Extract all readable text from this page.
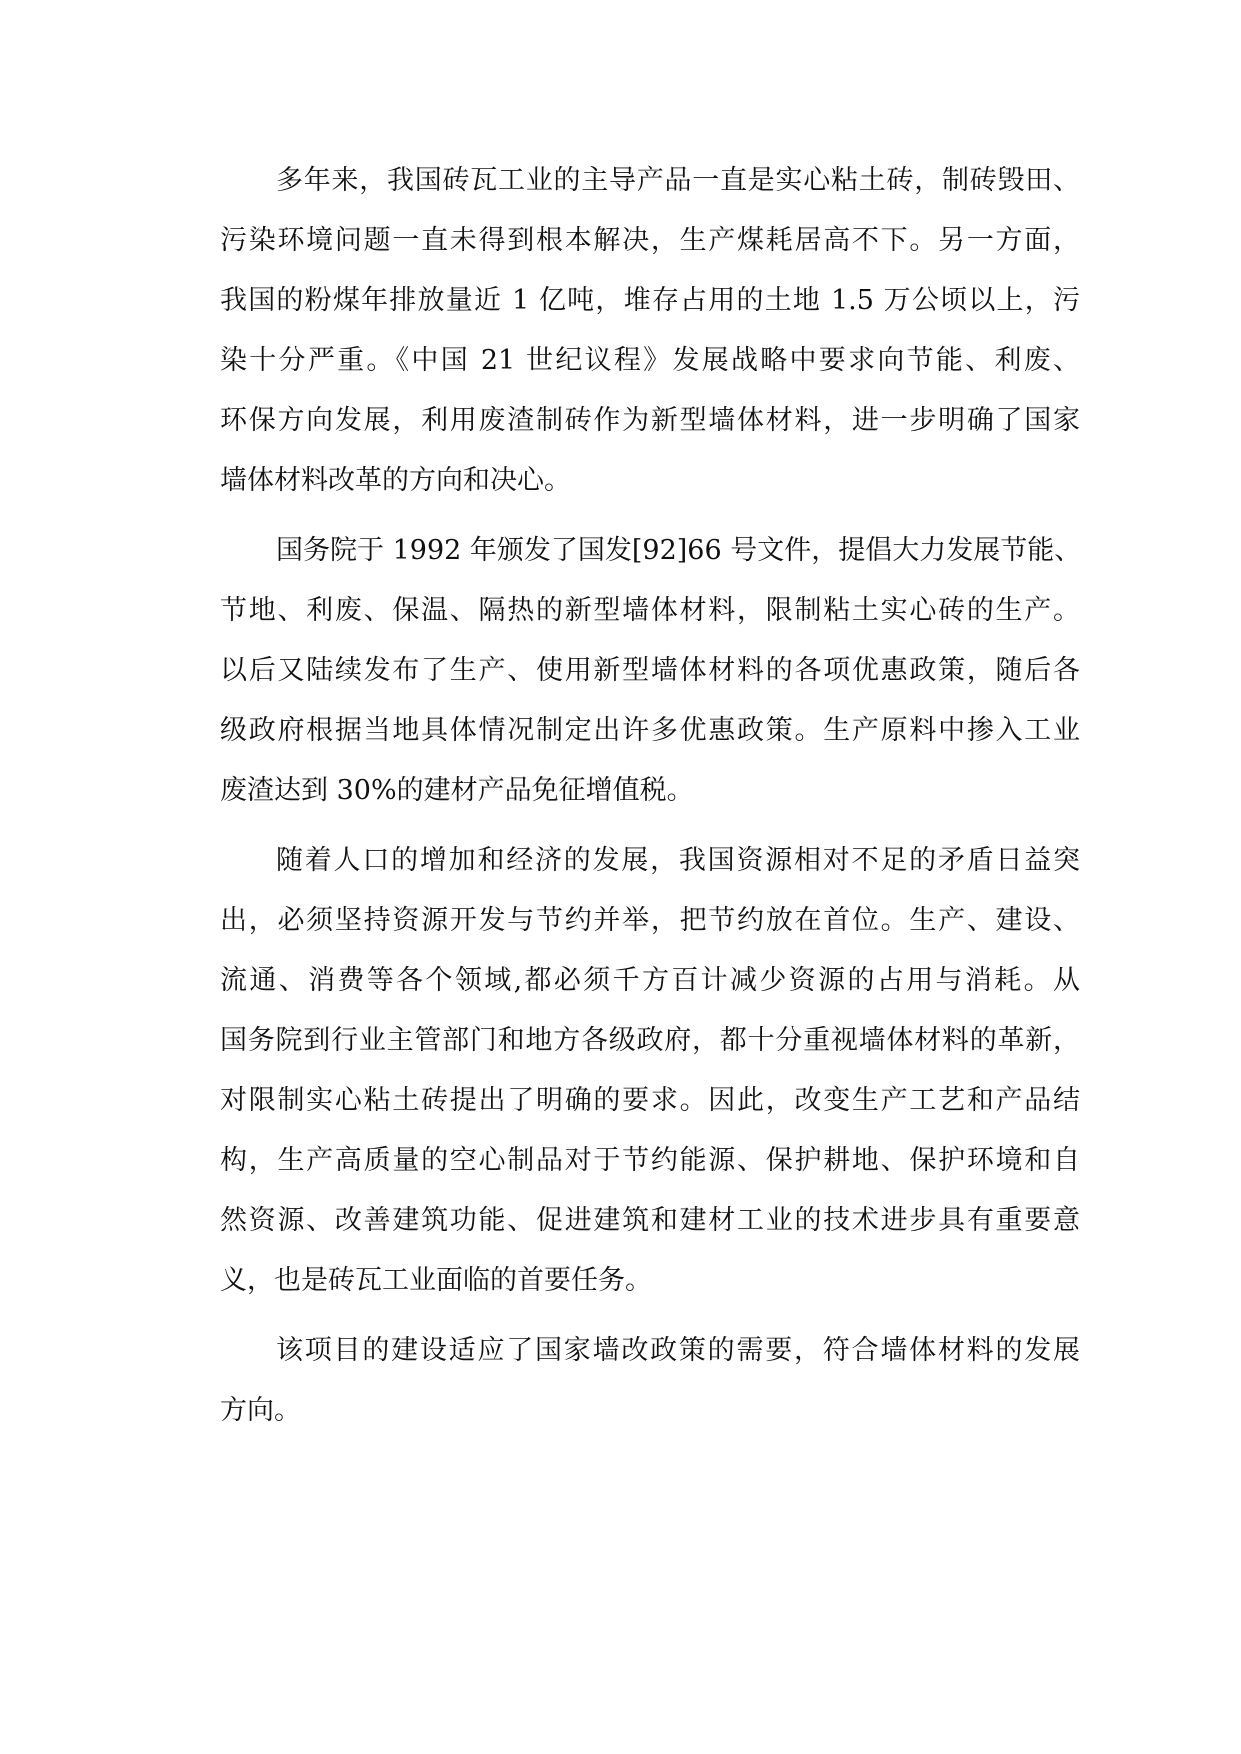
多年来，我国砖瓦工业的主导产品一直是实心粘土砖，制砖毁田、
污染环境问题一直未得到根本解决，生产煤耗居高不下。另一方面，
我国的粉煤年排放量近 1 亿吨，堆存占用的土地 1.5 万公顷以上，污
染十分严重。《中国 21 世纪议程》发展战略中要求向节能、利废、
环保方向发展，利用废渣制砖作为新型墙体材料，进一步明确了国家
墙体材料改革的方向和决心。
国务院于 1992 年颁发了国发[92]66 号文件，提倡大力发展节能、
节地、利废、保温、隔热的新型墙体材料，限制粘土实心砖的生产。
以后又陆续发布了生产、使用新型墙体材料的各项优惠政策，随后各
级政府根据当地具体情况制定出许多优惠政策。生产原料中掺入工业
废渣达到 30%的建材产品免征增值税。
随着人口的增加和经济的发展，我国资源相对不足的矛盾日益突
出，必须坚持资源开发与节约并举，把节约放在首位。生产、建设、
流通、消费等各个领域,都必须千方百计减少资源的占用与消耗。从
国务院到行业主管部门和地方各级政府，都十分重视墙体材料的革新，
对限制实心粘土砖提出了明确的要求。因此，改变生产工艺和产品结
构，生产高质量的空心制品对于节约能源、保护耕地、保护环境和自
然资源、改善建筑功能、促进建筑和建材工业的技术进步具有重要意
义，也是砖瓦工业面临的首要任务。
该项目的建设适应了国家墙改政策的需要，符合墙体材料的发展
方向。
